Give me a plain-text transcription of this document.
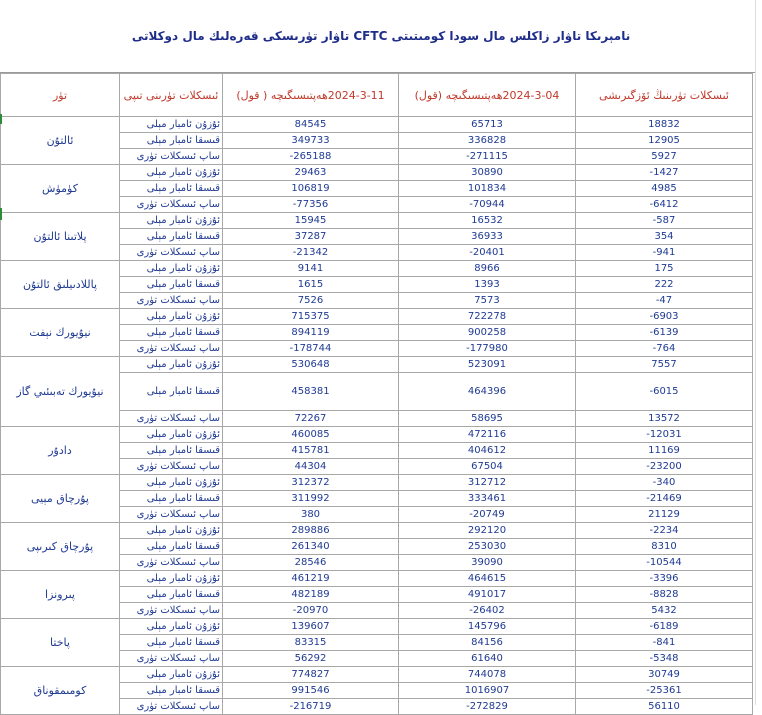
نامېرىكا تاۋار زاكلس مال سودا كومىتىتى CFTC تاۋار تۈرىسكى قەرەلىك مال دوكلاتى
تۈر	ئىسكلات تۈرىنى تىپى	2024-3-11ھەپتىسىگىچە ( قول)	2024-3-04ھەپتىسىگىچە (قول)	ئىسكلات تۈرىنىڭ ئۆزگىرىشى
ئالتۇن	ئۇزۇن ئامبار مېلى	84545	65713	18832
	قىسقا ئامبار مېلى	349733	336828	12905
	ساپ ئىسكلات تۈرى	-265188	-271115	5927
كۈمۈش	ئۇزۇن ئامبار مېلى	29463	30890	-1427
	قىسقا ئامبار مېلى	106819	101834	4985
	ساپ ئىسكلات تۈرى	-77356	-70944	-6412
پلاتىنا ئالتۇن	ئۇزۇن ئامبار مېلى	15945	16532	-587
	قىسقا ئامبار مېلى	37287	36933	354
	ساپ ئىسكلات تۈرى	-21342	-20401	-941
پاللادىيلىق ئالتۇن	ئۇزۇن ئامبار مېلى	9141	8966	175
	قىسقا ئامبار مېلى	1615	1393	222
	ساپ ئىسكلات تۈرى	7526	7573	-47
نيۇيورك نېفت	ئۇزۇن ئامبار مېلى	715375	722278	-6903
	قىسقا ئامبار مېلى	894119	900258	-6139
	ساپ ئىسكلات تۈرى	-178744	-177980	-764
نيۇيورك تەبىئىي گاز	ئۇزۇن ئامبار مېلى	530648	523091	7557
	قىسقا ئامبار مېلى	458381	464396	-6015
	ساپ ئىسكلات تۈرى	72267	58695	13572
دادۇر	ئۇزۇن ئامبار مېلى	460085	472116	-12031
	قىسقا ئامبار مېلى	415781	404612	11169
	ساپ ئىسكلات تۈرى	44304	67504	-23200
پۇرچاق مېيى	ئۇزۇن ئامبار مېلى	312372	312712	-340
	قىسقا ئامبار مېلى	311992	333461	-21469
	ساپ ئىسكلات تۈرى	380	-20749	21129
پۇرچاق كىرىپى	ئۇزۇن ئامبار مېلى	289886	292120	-2234
	قىسقا ئامبار مېلى	261340	253030	8310
	ساپ ئىسكلات تۈرى	28546	39090	-10544
پىرونزا	ئۇزۇن ئامبار مېلى	461219	464615	-3396
	قىسقا ئامبار مېلى	482189	491017	-8828
	ساپ ئىسكلات تۈرى	-20970	-26402	5432
پاختا	ئۇزۇن ئامبار مېلى	139607	145796	-6189
	قىسقا ئامبار مېلى	83315	84156	-841
	ساپ ئىسكلات تۈرى	56292	61640	-5348
كومىمقوناق	ئۇزۇن ئامبار مېلى	774827	744078	30749
	قىسقا ئامبار مېلى	991546	1016907	-25361
	ساپ ئىسكلات تۈرى	-216719	-272829	56110
